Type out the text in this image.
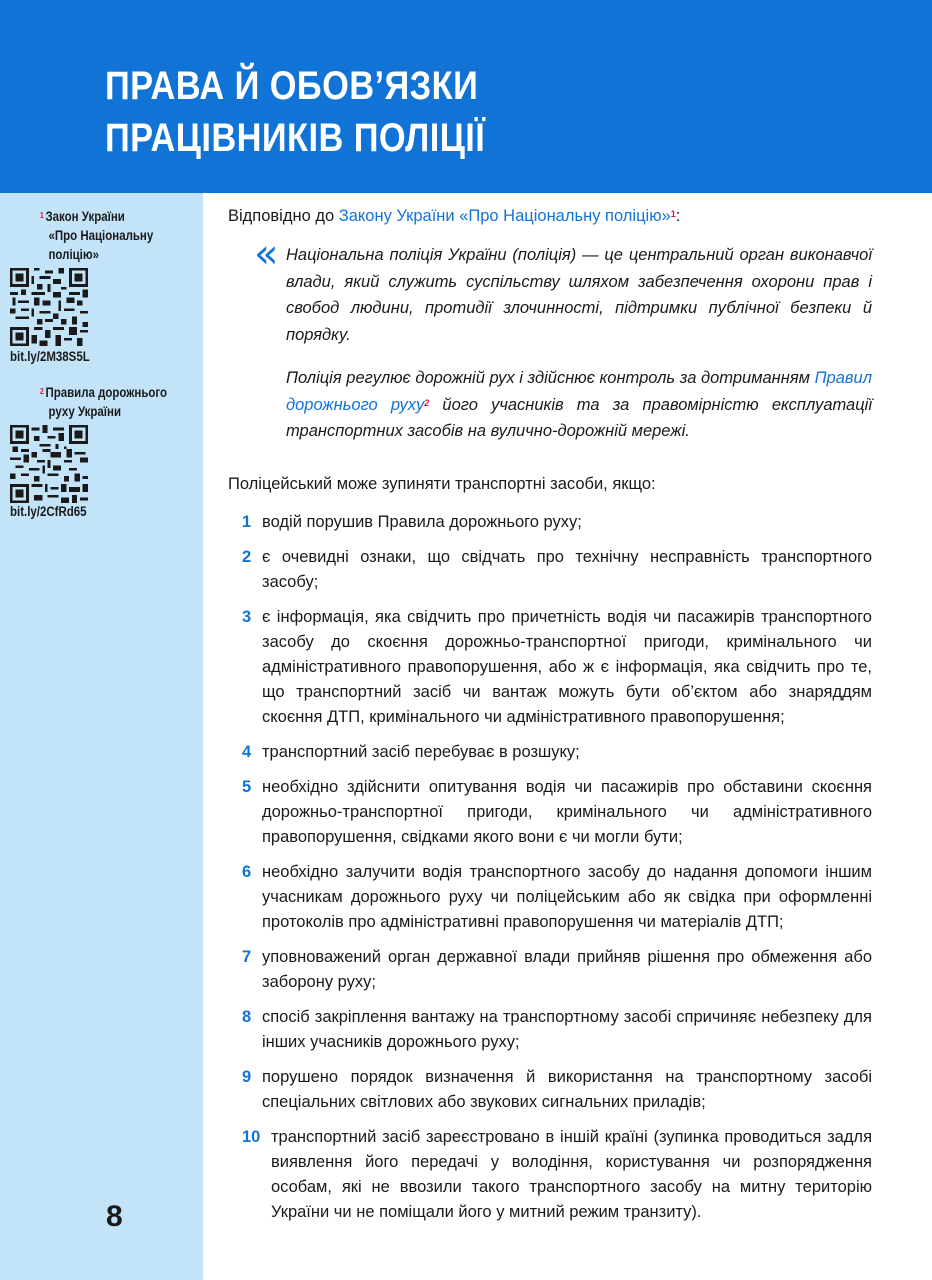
ПРАВА Й ОБОВ’ЯЗКИ
ПРАЦІВНИКІВ ПОЛІЦІЇ
$^1$ Закон України
«Про Національну
поліцію»
bit.ly/2M38S5L
$^2$ Правила дорожнього
руху України
bit.ly/2CfRd65
8

Відповідно до Закону України «Про Національну поліцію»$^1$:

« Національна поліція України (поліція) — це центральний орган виконавчої влади, який служить суспільству шляхом забезпечення охорони прав і свобод людини, протидії злочинності, підтримки публічної безпеки й порядку.

Поліція регулює дорожній рух і здійснює контроль за дотриманням Правил дорожнього руху$^2$ його учасників та за правомірністю експлуатації транспортних засобів на вулично-дорожній мережі.

Поліцейський може зупиняти транспортні засоби, якщо:

1 водій порушив Правила дорожнього руху;
2 є очевидні ознаки, що свідчать про технічну несправність транспортного засобу;
3 є інформація, яка свідчить про причетність водія чи пасажирів транспортного засобу до скоєння дорожньо-транспортної пригоди, кримінального чи адміністративного правопорушення, або ж є інформація, яка свідчить про те, що транспортний засіб чи вантаж можуть бути об’єктом або знаряддям скоєння ДТП, кримінального чи адміністративного правопорушення;
4 транспортний засіб перебуває в розшуку;
5 необхідно здійснити опитування водія чи пасажирів про обставини скоєння дорожньо-транспортної пригоди, кримінального чи адміністративного правопорушення, свідками якого вони є чи могли бути;
6 необхідно залучити водія транспортного засобу до надання допомоги іншим учасникам дорожнього руху чи поліцейським або як свідка при оформленні протоколів про адміністративні правопорушення чи матеріалів ДТП;
7 уповноважений орган державної влади прийняв рішення про обмеження або заборону руху;
8 спосіб закріплення вантажу на транспортному засобі спричиняє небезпеку для інших учасників дорожнього руху;
9 порушено порядок визначення й використання на транспортному засобі спеціальних світлових або звукових сигнальних приладів;
10 транспортний засіб зареєстровано в іншій країні (зупинка проводиться задля виявлення його передачі у володіння, користування чи розпорядження особам, які не ввозили такого транспортного засобу на митну територію України чи не поміщали його у митний режим транзиту).
